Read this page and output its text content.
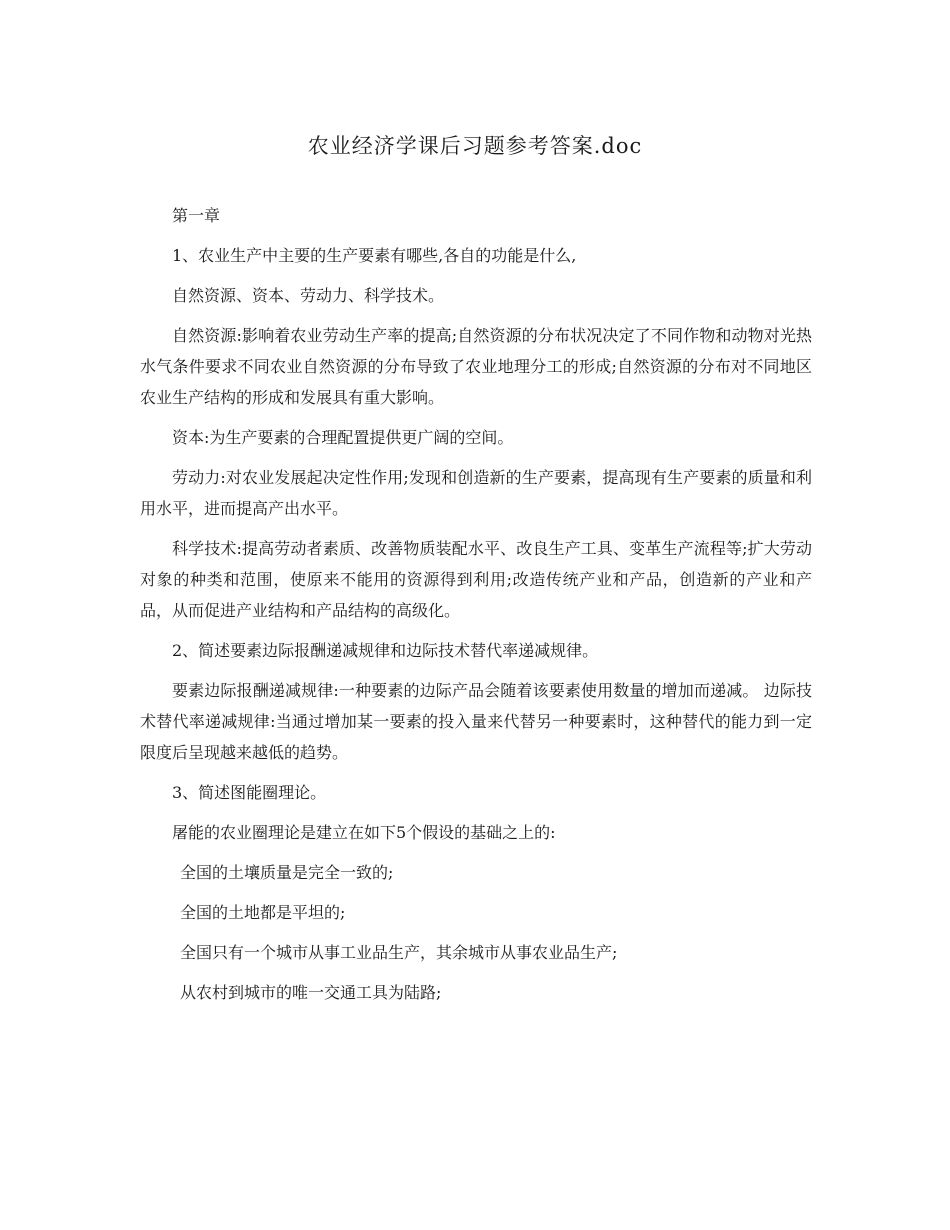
农业经济学课后习题参考答案.doc

第一章

1、农业生产中主要的生产要素有哪些,各自的功能是什么,

自然资源、资本、劳动力、科学技术。

自然资源:影响着农业劳动生产率的提高;自然资源的分布状况决定了不同作物和动物对光热水气条件要求不同农业自然资源的分布导致了农业地理分工的形成;自然资源的分布对不同地区农业生产结构的形成和发展具有重大影响。

资本:为生产要素的合理配置提供更广阔的空间。

劳动力:对农业发展起决定性作用;发现和创造新的生产要素，提高现有生产要素的质量和利用水平，进而提高产出水平。

科学技术:提高劳动者素质、改善物质装配水平、改良生产工具、变革生产流程等;扩大劳动对象的种类和范围，使原来不能用的资源得到利用;改造传统产业和产品，创造新的产业和产品，从而促进产业结构和产品结构的高级化。

2、简述要素边际报酬递减规律和边际技术替代率递减规律。

要素边际报酬递减规律:一种要素的边际产品会随着该要素使用数量的增加而递减。 边际技术替代率递减规律:当通过增加某一要素的投入量来代替另一种要素时，这种替代的能力到一定限度后呈现越来越低的趋势。

3、简述图能圈理论。

屠能的农业圈理论是建立在如下5个假设的基础之上的:

全国的土壤质量是完全一致的;

全国的土地都是平坦的;

全国只有一个城市从事工业品生产，其余城市从事农业品生产;

从农村到城市的唯一交通工具为陆路;
